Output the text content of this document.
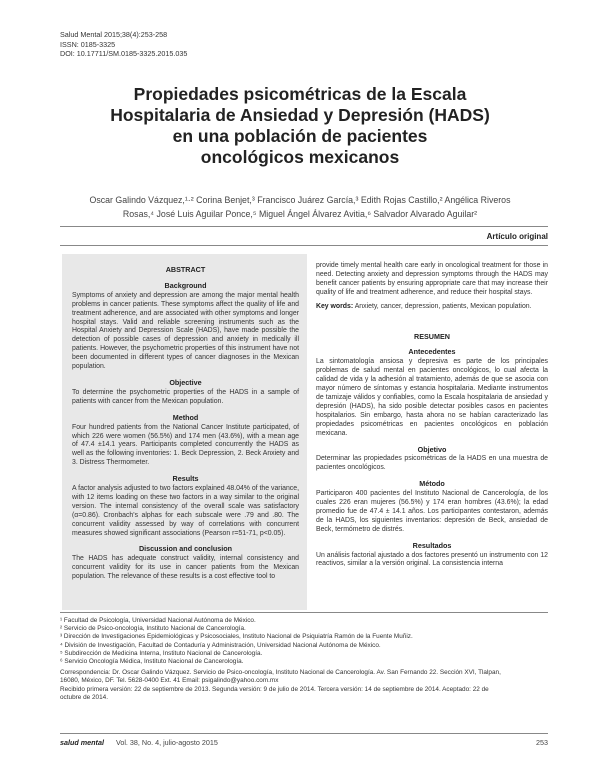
Salud Mental 2015;38(4):253-258
ISSN: 0185-3325
DOI: 10.17711/SM.0185-3325.2015.035
Propiedades psicométricas de la Escala
Hospitalaria de Ansiedad y Depresión (HADS)
en una población de pacientes
oncológicos mexicanos
Oscar Galindo Vázquez,¹·² Corina Benjet,³ Francisco Juárez García,³ Edith Rojas Castillo,² Angélica Riveros
Rosas,⁴ José Luis Aguilar Ponce,⁵ Miguel Ángel Álvarez Avitia,⁶ Salvador Alvarado Aguilar²
Artículo original
ABSTRACT
Background

Symptoms of anxiety and depression are among the major mental health problems in cancer patients. These symptoms affect the quality of life and treatment adherence, and are associated with other symptoms and longer hospital stays. Valid and reliable screening instruments such as the Hospital Anxiety and Depression Scale (HADS), have made possible the detection of possible cases of depression and anxiety in medically ill patients. However, the psychometric properties of this instrument have not been documented in different types of cancer diagnoses in the Mexican population.

Objective

To determine the psychometric properties of the HADS in a sample of patients with cancer from the Mexican population.

Method

Four hundred patients from the National Cancer Institute participated, of which 226 were women (56.5%) and 174 men (43.6%), with a mean age of 47.4 ±14.1 years. Participants completed concurrently the HADS as well as the following inventories: 1. Beck Depression, 2. Beck Anxiety and 3. Distress Thermometer.

Results

A factor analysis adjusted to two factors explained 48.04% of the variance, with 12 items loading on these two factors in a way similar to the original version. The internal consistency of the overall scale was satisfactory (α=0.86). Cronbach's alphas for each subscale were .79 and .80. The concurrent validity assessed by way of correlations with concurrent measures showed significant associations (Pearson r=51-71, p<0.05).

Discussion and conclusion

The HADS has adequate construct validity, internal consistency and concurrent validity for its use in cancer patients from the Mexican population. The relevance of these results is a cost effective tool to

provide timely mental health care early in oncological treatment for those in need. Detecting anxiety and depression symptoms through the HADS may benefit cancer patients by ensuring appropriate care that may increase their quality of life and treatment adherence, and reduce their hospital stays.

Key words: Anxiety, cancer, depression, patients, Mexican population.

RESUMEN
Antecedentes

La sintomatología ansiosa y depresiva es parte de los principales problemas de salud mental en pacientes oncológicos, lo cual afecta la calidad de vida y la adhesión al tratamiento, además de que se asocia con mayor número de síntomas y estancia hospitalaria. Mediante instrumentos de tamizaje válidos y confiables, como la Escala hospitalaria de ansiedad y depresión (HADS), ha sido posible detectar posibles casos en pacientes hospitalarios. Sin embargo, hasta ahora no se habían caracterizado las propiedades psicométricas en pacientes oncológicos en población mexicana.

Objetivo

Determinar las propiedades psicométricas de la HADS en una muestra de pacientes oncológicos.

Método

Participaron 400 pacientes del Instituto Nacional de Cancerología, de los cuales 226 eran mujeres (56.5%) y 174 eran hombres (43.6%); la edad promedio fue de 47.4 ± 14.1 años. Los participantes contestaron, además de la HADS, los siguientes inventarios: depresión de Beck, ansiedad de Beck, termómetro de distrés.

Resultados

Un análisis factorial ajustado a dos factores presentó un instrumento con 12 reactivos, similar a la versión original. La consistencia interna

¹ Facultad de Psicología, Universidad Nacional Autónoma de México.
² Servicio de Psico-oncología, Instituto Nacional de Cancerología.
³ Dirección de Investigaciones Epidemiológicas y Psicosociales, Instituto Nacional de Psiquiatría Ramón de la Fuente Muñiz.
⁴ División de Investigación, Facultad de Contaduría y Administración, Universidad Nacional Autónoma de México.
⁵ Subdirección de Medicina Interna, Instituto Nacional de Cancerología.
⁶ Servicio Oncología Médica, Instituto Nacional de Cancerología.
Correspondencia: Dr. Oscar Galindo Vázquez. Servicio de Psico-oncología, Instituto Nacional de Cancerología. Av. San Fernando 22. Sección XVI, Tlalpan,
16080, México, DF. Tel. 5628-0400 Ext. 41 Email: psigalindo@yahoo.com.mx
Recibido primera versión: 22 de septiembre de 2013. Segunda versión: 9 de julio de 2014. Tercera versión: 14 de septiembre de 2014. Aceptado: 22 de
octubre de 2014.
salud mental Vol. 38, No. 4, julio-agosto 2015	253
